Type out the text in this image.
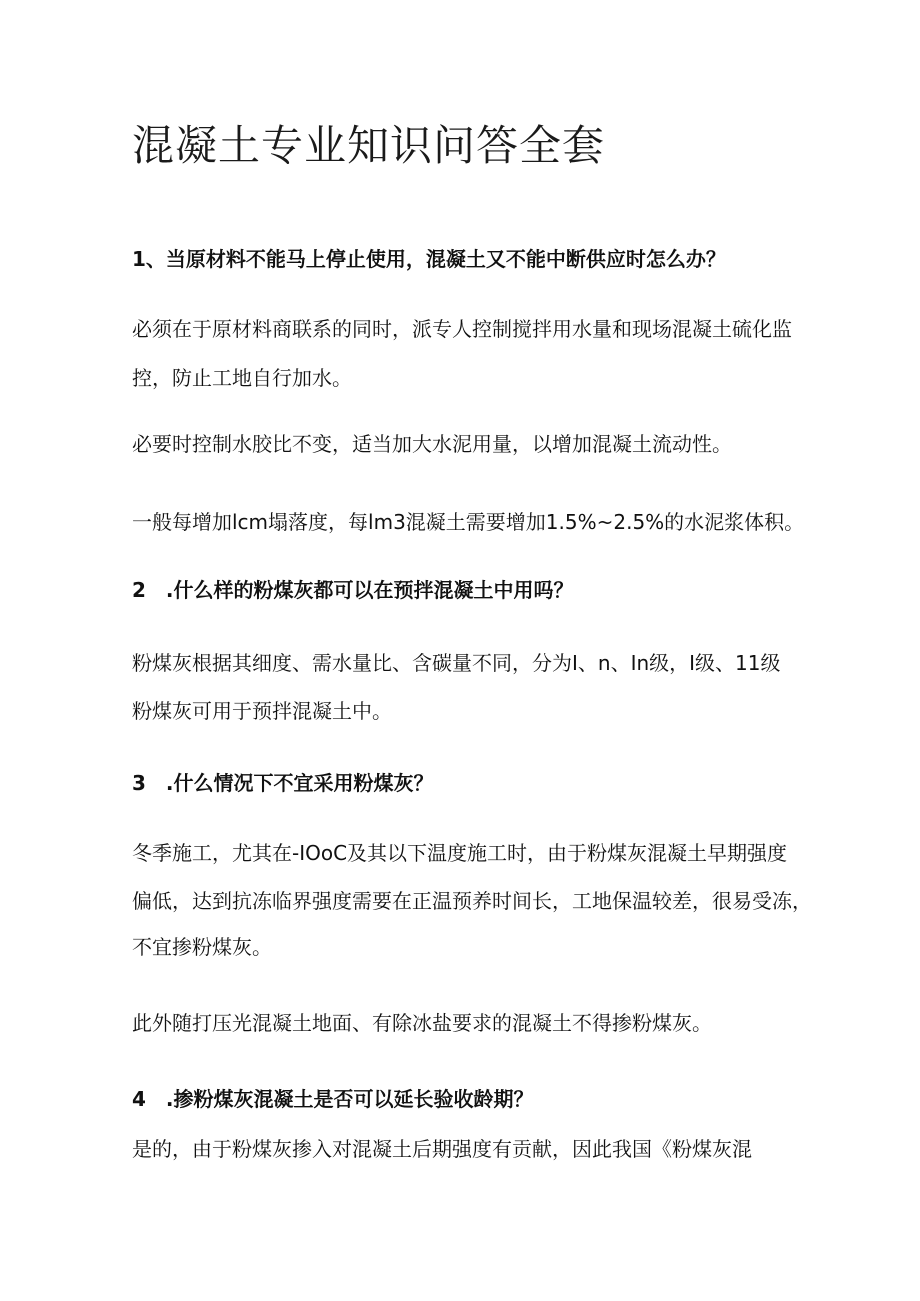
混凝土专业知识问答全套

1、当原材料不能马上停止使用，混凝土又不能中断供应时怎么办？

必须在于原材料商联系的同时，派专人控制搅拌用水量和现场混凝土硫化监

控，防止工地自行加水。

必要时控制水胶比不变，适当加大水泥用量，以增加混凝土流动性。

一般每增加lcm塌落度，每lm3混凝土需要增加1.5%~2.5%的水泥浆体积。

2　.什么样的粉煤灰都可以在预拌混凝土中用吗？

粉煤灰根据其细度、需水量比、含碳量不同，分为I、n、In级，I级、11级

粉煤灰可用于预拌混凝土中。

3　.什么情况下不宜采用粉煤灰？

冬季施工，尤其在-IOoC及其以下温度施工时，由于粉煤灰混凝土早期强度

偏低，达到抗冻临界强度需要在正温预养时间长，工地保温较差，很易受冻，

不宜掺粉煤灰。

此外随打压光混凝土地面、有除冰盐要求的混凝土不得掺粉煤灰。

4　.掺粉煤灰混凝土是否可以延长验收龄期？

是的，由于粉煤灰掺入对混凝土后期强度有贡献，因此我国《粉煤灰混
